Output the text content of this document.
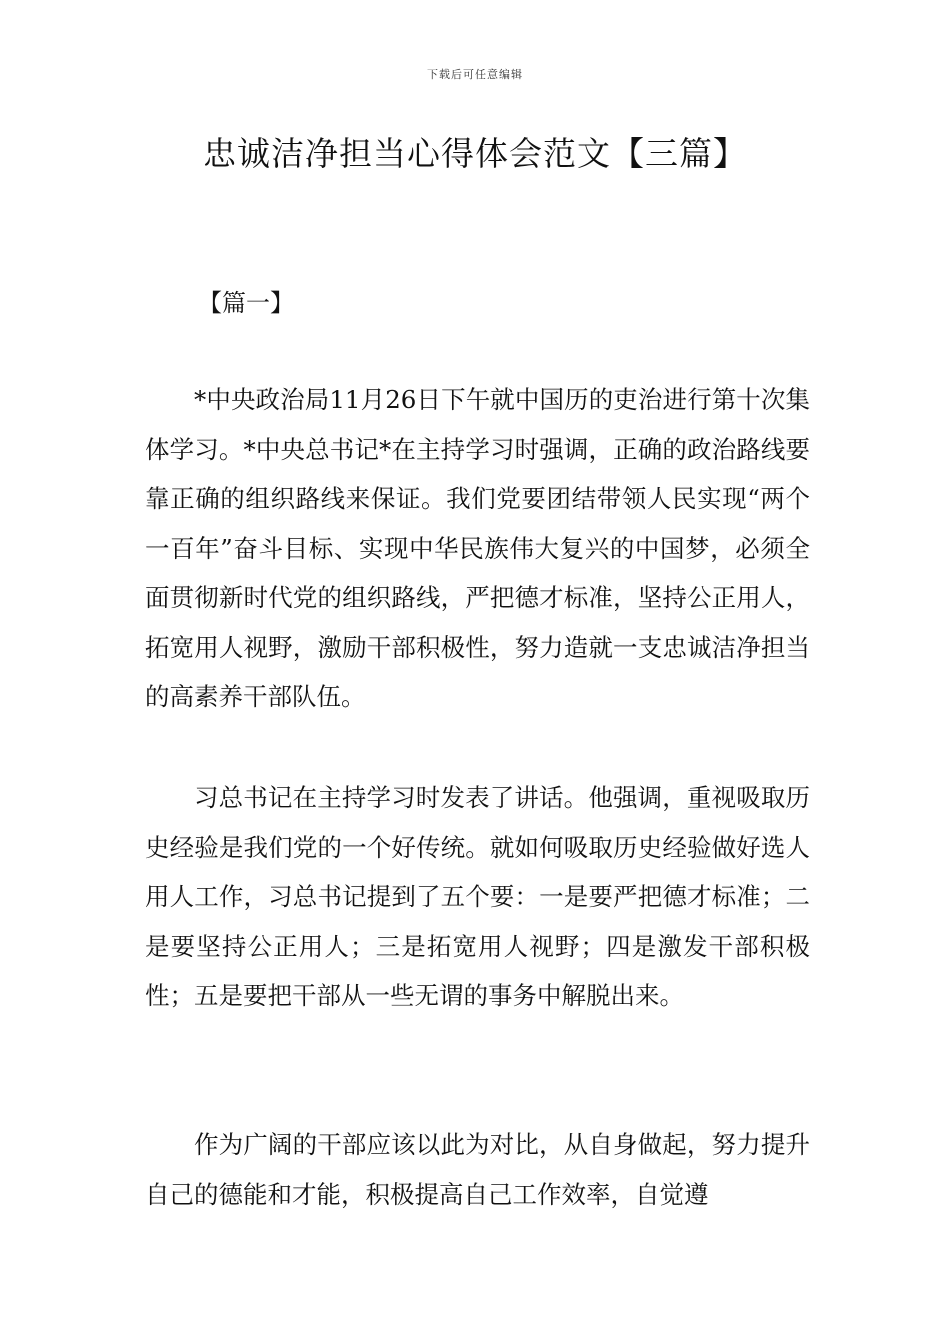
下载后可任意编辑
忠诚洁净担当心得体会范文【三篇】
【篇一】

*中央政治局11月26日下午就中国历的吏治进行第十次集体学习。*中央总书记*在主持学习时强调，正确的政治路线要靠正确的组织路线来保证。我们党要团结带领人民实现“两个一百年”奋斗目标、实现中华民族伟大复兴的中国梦，必须全面贯彻新时代党的组织路线，严把德才标准，坚持公正用人，拓宽用人视野，激励干部积极性，努力造就一支忠诚洁净担当的高素养干部队伍。

习总书记在主持学习时发表了讲话。他强调，重视吸取历史经验是我们党的一个好传统。就如何吸取历史经验做好选人用人工作，习总书记提到了五个要：一是要严把德才标准；二是要坚持公正用人；三是拓宽用人视野；四是激发干部积极性；五是要把干部从一些无谓的事务中解脱出来。

作为广阔的干部应该以此为对比，从自身做起，努力提升自己的德能和才能，积极提高自己工作效率，自觉遵
